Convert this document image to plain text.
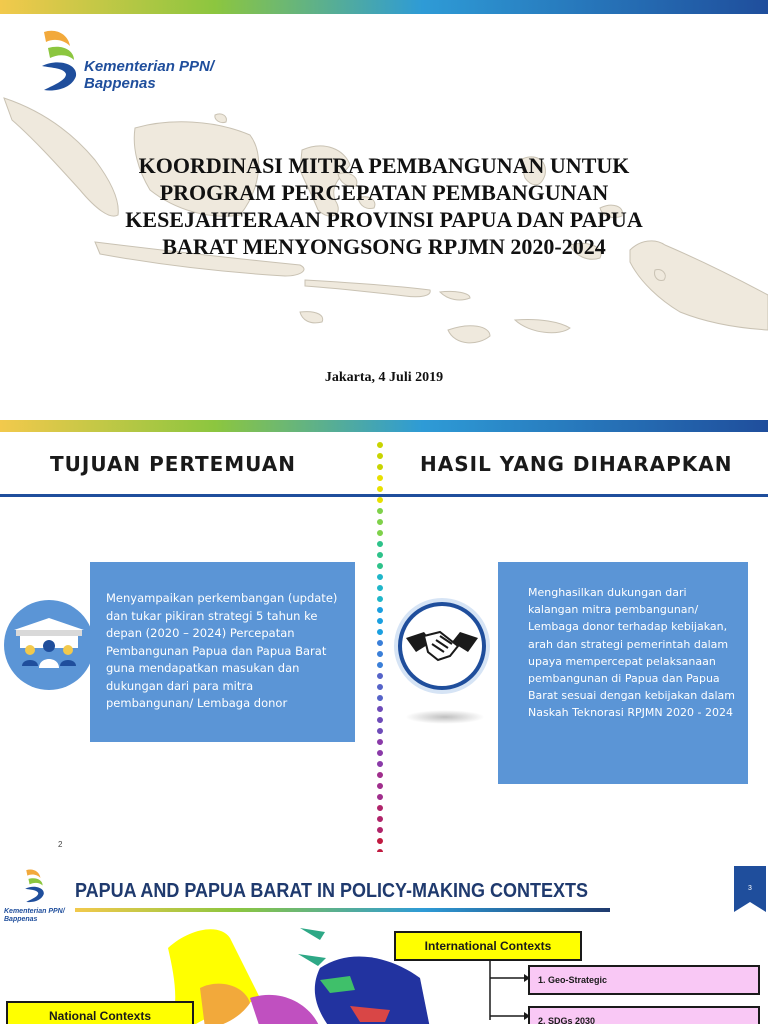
Kementerian PPN/
Bappenas
KOORDINASI MITRA PEMBANGUNAN UNTUK PROGRAM PERCEPATAN PEMBANGUNAN KESEJAHTERAAN PROVINSI PAPUA DAN PAPUA BARAT MENYONGSONG RPJMN 2020-2024
Jakarta, 4 Juli 2019
TUJUAN PERTEMUAN	HASIL YANG DIHARAPKAN
Menyampaikan perkembangan (update) dan tukar pikiran strategi 5 tahun ke depan (2020 – 2024) Percepatan Pembangunan Papua dan Papua Barat guna mendapatkan masukan dan dukungan dari para mitra pembangunan/ Lembaga donor
Menghasilkan dukungan dari kalangan mitra pembangunan/ Lembaga donor terhadap kebijakan, arah dan strategi pemerintah dalam upaya mempercepat pelaksanaan pembangunan di Papua dan Papua Barat sesuai dengan kebijakan dalam Naskah Teknorasi RPJMN 2020 - 2024
2
Kementerian PPN/
Bappenas
PAPUA AND PAPUA BARAT IN POLICY-MAKING CONTEXTS	3
International Contexts
National Contexts
1. Geo-Strategic
2. SDGs 2030
